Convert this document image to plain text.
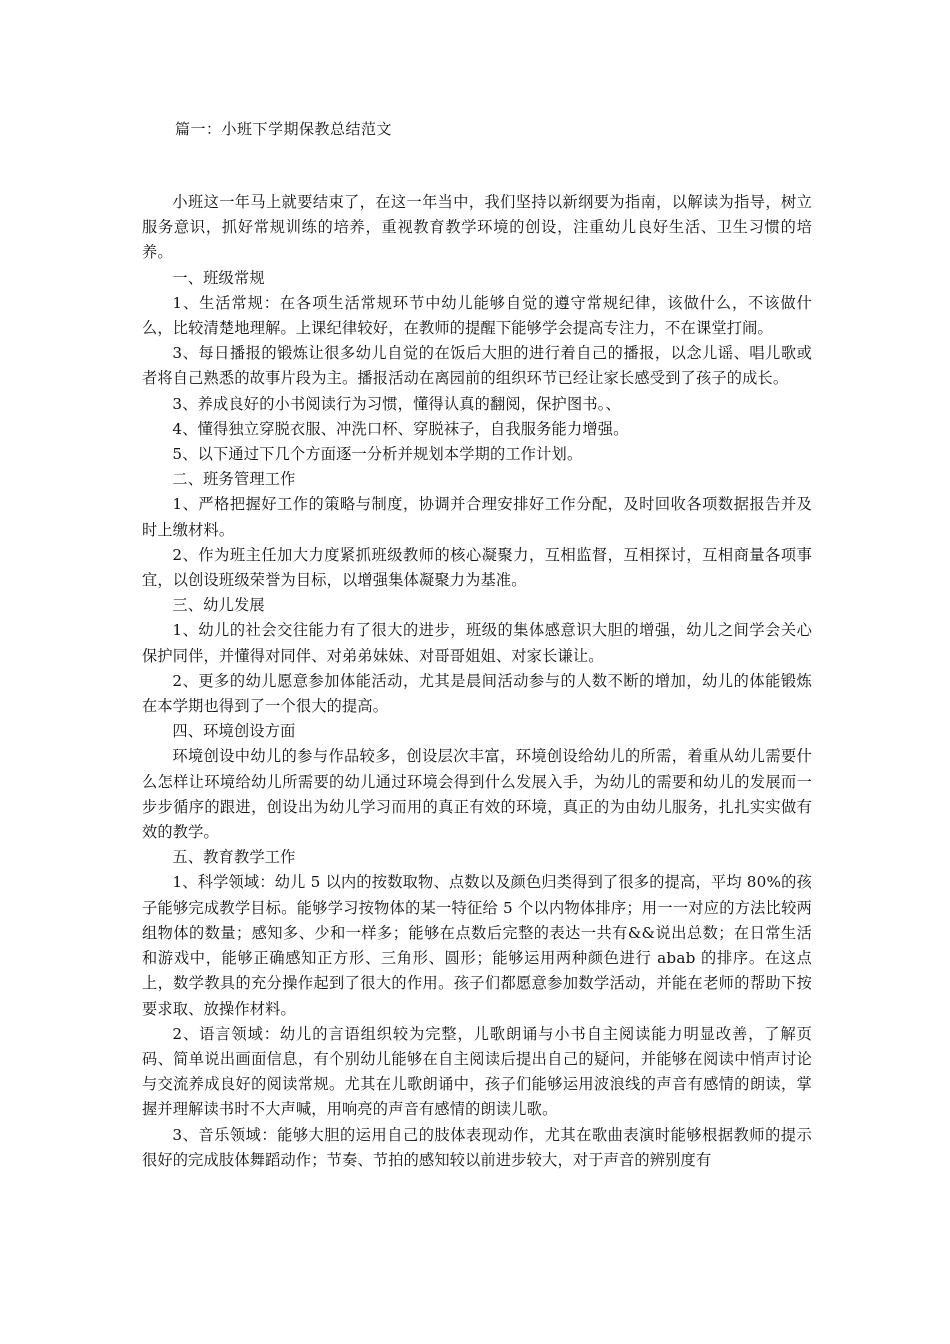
篇一：小班下学期保教总结范文

小班这一年马上就要结束了，在这一年当中，我们坚持以新纲要为指南，以解读为指导，树立服务意识，抓好常规训练的培养，重视教育教学环境的创设，注重幼儿良好生活、卫生习惯的培养。

一、班级常规

1、生活常规：在各项生活常规环节中幼儿能够自觉的遵守常规纪律，该做什么，不该做什么，比较清楚地理解。上课纪律较好，在教师的提醒下能够学会提高专注力，不在课堂打闹。

3、每日播报的锻炼让很多幼儿自觉的在饭后大胆的进行着自己的播报，以念儿谣、唱儿歌或者将自己熟悉的故事片段为主。播报活动在离园前的组织环节已经让家长感受到了孩子的成长。

3、养成良好的小书阅读行为习惯，懂得认真的翻阅，保护图书。、

4、懂得独立穿脱衣服、冲洗口杯、穿脱袜子，自我服务能力增强。

5、以下通过下几个方面逐一分析并规划本学期的工作计划。

二、班务管理工作

1、严格把握好工作的策略与制度，协调并合理安排好工作分配，及时回收各项数据报告并及时上缴材料。

2、作为班主任加大力度紧抓班级教师的核心凝聚力，互相监督，互相探讨，互相商量各项事宜，以创设班级荣誉为目标，以增强集体凝聚力为基准。

三、幼儿发展

1、幼儿的社会交往能力有了很大的进步，班级的集体感意识大胆的增强，幼儿之间学会关心保护同伴，并懂得对同伴、对弟弟妹妹、对哥哥姐姐、对家长谦让。

2、更多的幼儿愿意参加体能活动，尤其是晨间活动参与的人数不断的增加，幼儿的体能锻炼在本学期也得到了一个很大的提高。

四、环境创设方面

环境创设中幼儿的参与作品较多，创设层次丰富，环境创设给幼儿的所需，着重从幼儿需要什么怎样让环境给幼儿所需要的幼儿通过环境会得到什么发展入手，为幼儿的需要和幼儿的发展而一步步循序的跟进，创设出为幼儿学习而用的真正有效的环境，真正的为由幼儿服务，扎扎实实做有效的教学。

五、教育教学工作

1、科学领域：幼儿 5 以内的按数取物、点数以及颜色归类得到了很多的提高，平均 80%的孩子能够完成教学目标。能够学习按物体的某一特征给 5 个以内物体排序；用一一对应的方法比较两组物体的数量；感知多、少和一样多；能够在点数后完整的表达一共有&&说出总数；在日常生活和游戏中，能够正确感知正方形、三角形、圆形；能够运用两种颜色进行 abab 的排序。在这点上，数学教具的充分操作起到了很大的作用。孩子们都愿意参加数学活动，并能在老师的帮助下按要求取、放操作材料。

2、语言领域：幼儿的言语组织较为完整，儿歌朗诵与小书自主阅读能力明显改善，了解页码、简单说出画面信息，有个别幼儿能够在自主阅读后提出自己的疑问，并能够在阅读中悄声讨论与交流养成良好的阅读常规。尤其在儿歌朗诵中，孩子们能够运用波浪线的声音有感情的朗读，掌握并理解读书时不大声喊，用响亮的声音有感情的朗读儿歌。

3、音乐领域：能够大胆的运用自己的肢体表现动作，尤其在歌曲表演时能够根据教师的提示很好的完成肢体舞蹈动作；节奏、节拍的感知较以前进步较大，对于声音的辨别度有
